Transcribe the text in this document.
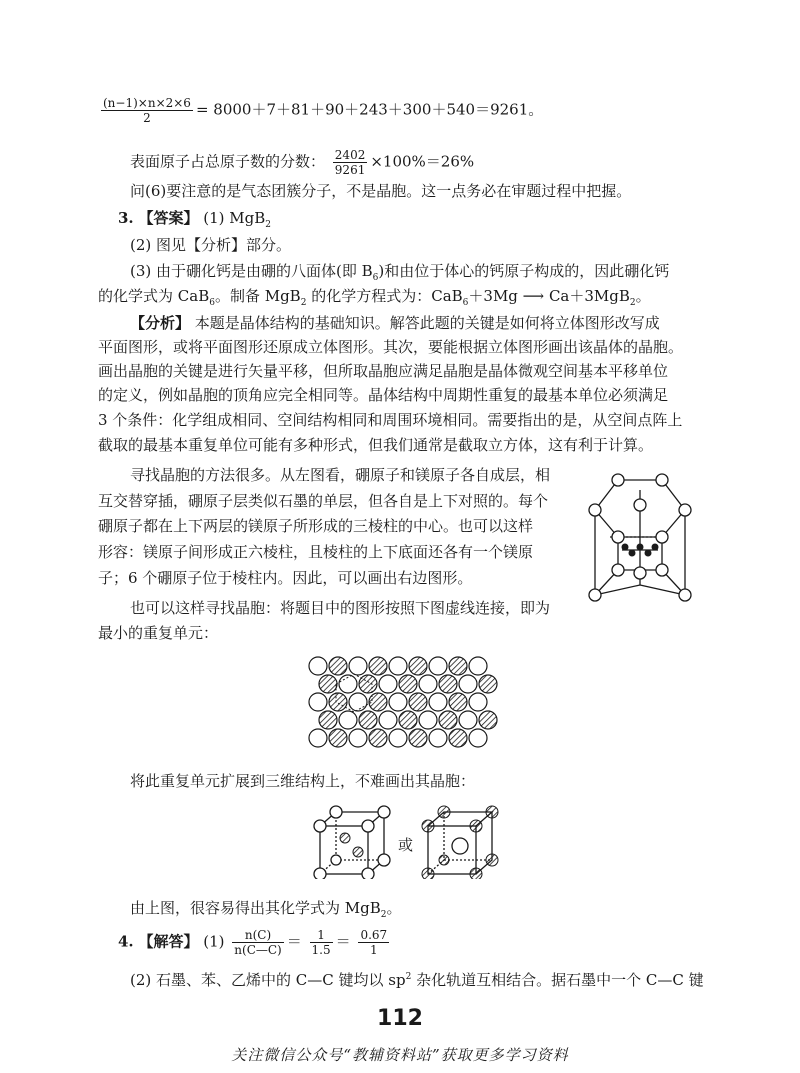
$\frac{(n-1)\times n\times 2\times 6}{2} = 8000+7+81+90+243+300+540=9261$。
表面原子占总原子数的分数： $\frac{2402}{9261} \times 100\%=26\%$
问(6)要注意的是气态团簇分子，不是晶胞。这一点务必在审题过程中把握。
3. 【答案】 (1) MgB$_2$
(2) 图见【分析】部分。
(3) 由于硼化钙是由硼的八面体(即 $B_6$)和由位于体心的钙原子构成的，因此硼化钙
的化学式为 CaB$_6$。制备 MgB$_2$ 的化学方程式为：CaB$_6$＋3Mg ⟶ Ca＋3MgB$_2$。
【分析】 本题是晶体结构的基础知识。解答此题的关键是如何将立体图形改写成
平面图形，或将平面图形还原成立体图形。其次，要能根据立体图形画出该晶体的晶胞。
画出晶胞的关键是进行矢量平移，但所取晶胞应满足晶胞是晶体微观空间基本平移单位
的定义，例如晶胞的顶角应完全相同等。晶体结构中周期性重复的最基本单位必须满足
3 个条件：化学组成相同、空间结构相同和周围环境相同。需要指出的是，从空间点阵上
截取的最基本重复单位可能有多种形式，但我们通常是截取立方体，这有利于计算。
寻找晶胞的方法很多。从左图看，硼原子和镁原子各自成层，相
互交替穿插，硼原子层类似石墨的单层，但各自是上下对照的。每个
硼原子都在上下两层的镁原子所形成的三棱柱的中心。也可以这样
形容：镁原子间形成正六棱柱，且棱柱的上下底面还各有一个镁原
子；6 个硼原子位于棱柱内。因此，可以画出右边图形。
也可以这样寻找晶胞：将题目中的图形按照下图虚线连接，即为
最小的重复单元：
将此重复单元扩展到三维结构上，不难画出其晶胞：
或
由上图，很容易得出其化学式为 MgB$_2$。
4. 【解答】 $(1) \frac{n(C)}{n(C—C)} = \frac{1}{1.5} = \frac{0.67}{1}$
(2) 石墨、苯、乙烯中的 C—C 键均以 $sp^2$ 杂化轨道互相结合。据石墨中一个 C—C 键
112
关注微信公众号“教辅资料站”获取更多学习资料
